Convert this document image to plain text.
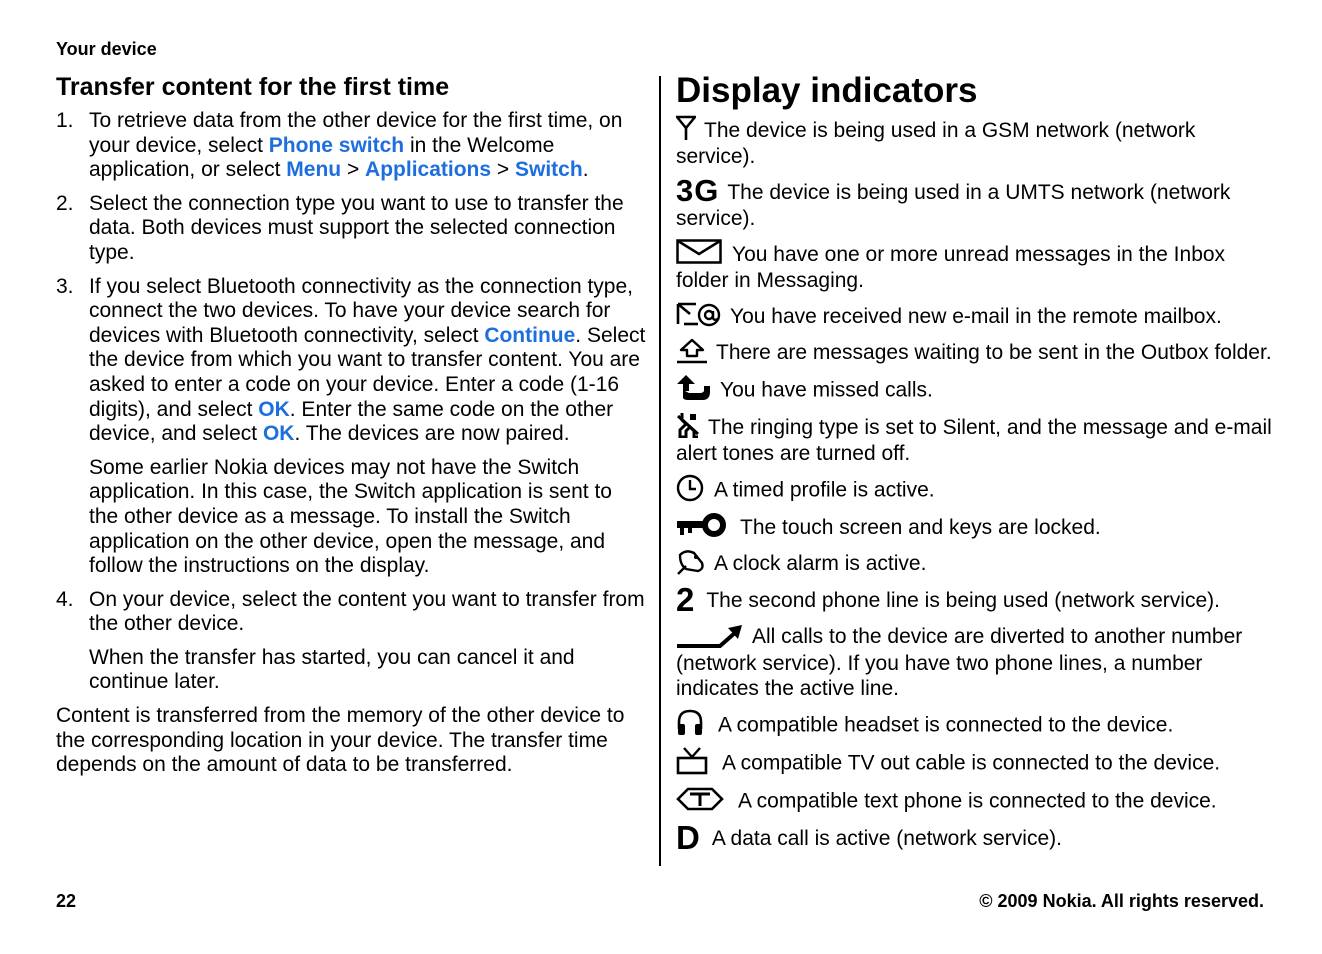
Your device
Transfer content for the first time
1. To retrieve data from the other device for the first time, on your device, select Phone switch in the Welcome application, or select Menu > Applications > Switch.
2. Select the connection type you want to use to transfer the data. Both devices must support the selected connection type.
3. If you select Bluetooth connectivity as the connection type, connect the two devices. To have your device search for devices with Bluetooth connectivity, select Continue. Select the device from which you want to transfer content. You are asked to enter a code on your device. Enter a code (1-16 digits), and select OK. Enter the same code on the other device, and select OK. The devices are now paired.
Some earlier Nokia devices may not have the Switch application. In this case, the Switch application is sent to the other device as a message. To install the Switch application on the other device, open the message, and follow the instructions on the display.
4. On your device, select the content you want to transfer from the other device.
When the transfer has started, you can cancel it and continue later.
Content is transferred from the memory of the other device to the corresponding location in your device. The transfer time depends on the amount of data to be transferred.
Display indicators
The device is being used in a GSM network (network service).
3G The device is being used in a UMTS network (network service).
You have one or more unread messages in the Inbox folder in Messaging.
You have received new e-mail in the remote mailbox.
There are messages waiting to be sent in the Outbox folder.
You have missed calls.
The ringing type is set to Silent, and the message and e-mail alert tones are turned off.
A timed profile is active.
The touch screen and keys are locked.
A clock alarm is active.
2 The second phone line is being used (network service).
All calls to the device are diverted to another number (network service). If you have two phone lines, a number indicates the active line.
A compatible headset is connected to the device.
A compatible TV out cable is connected to the device.
A compatible text phone is connected to the device.
D A data call is active (network service).
22	© 2009 Nokia. All rights reserved.
